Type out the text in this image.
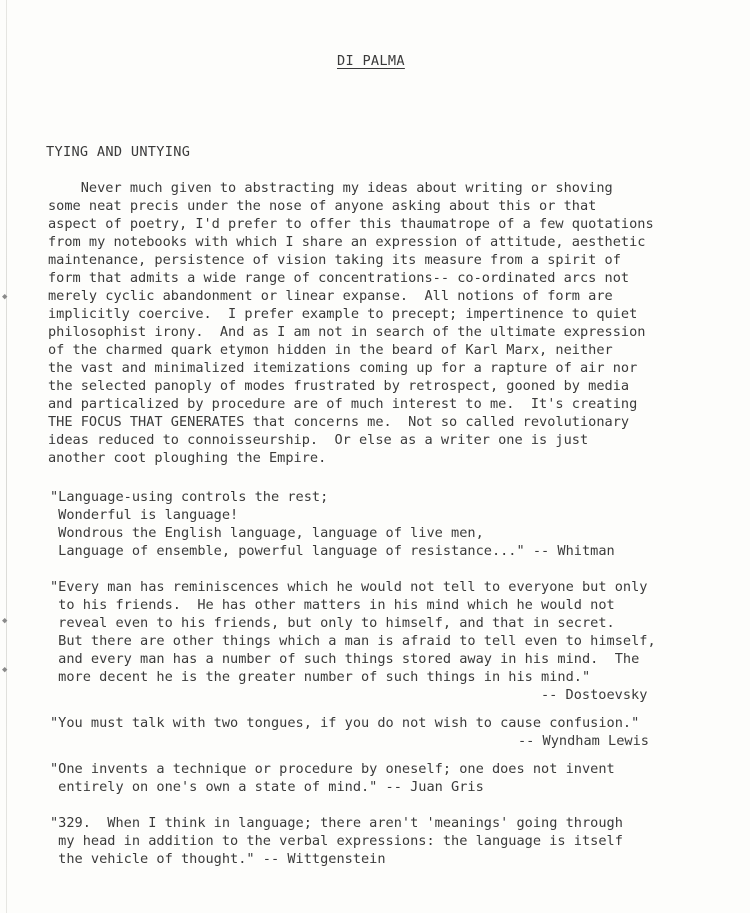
◆
◆
◆
DI PALMA
TYING AND UNTYING
Never much given to abstracting my ideas about writing or shoving
some neat precis under the nose of anyone asking about this or that
aspect of poetry, I'd prefer to offer this thaumatrope of a few quotations
from my notebooks with which I share an expression of attitude, aesthetic
maintenance, persistence of vision taking its measure from a spirit of
form that admits a wide range of concentrations-- co-ordinated arcs not
merely cyclic abandonment or linear expanse.  All notions of form are
implicitly coercive.  I prefer example to precept; impertinence to quiet
philosophist irony.  And as I am not in search of the ultimate expression
of the charmed quark etymon hidden in the beard of Karl Marx, neither
the vast and minimalized itemizations coming up for a rapture of air nor
the selected panoply of modes frustrated by retrospect, gooned by media
and particalized by procedure are of much interest to me.  It's creating
THE FOCUS THAT GENERATES that concerns me.  Not so called revolutionary
ideas reduced to connoisseurship.  Or else as a writer one is just
another coot ploughing the Empire.
"Language-using controls the rest;
Wonderful is language!
Wondrous the English language, language of live men,
Language of ensemble, powerful language of resistance..." -- Whitman
"Every man has reminiscences which he would not tell to everyone but only
to his friends.  He has other matters in his mind which he would not
reveal even to his friends, but only to himself, and that in secret.
But there are other things which a man is afraid to tell even to himself,
and every man has a number of such things stored away in his mind.  The
more decent he is the greater number of such things in his mind."
-- Dostoevsky
"You must talk with two tongues, if you do not wish to cause confusion."
-- Wyndham Lewis
"One invents a technique or procedure by oneself; one does not invent
entirely on one's own a state of mind." -- Juan Gris
"329.  When I think in language; there aren't 'meanings' going through
my head in addition to the verbal expressions: the language is itself
the vehicle of thought." -- Wittgenstein
